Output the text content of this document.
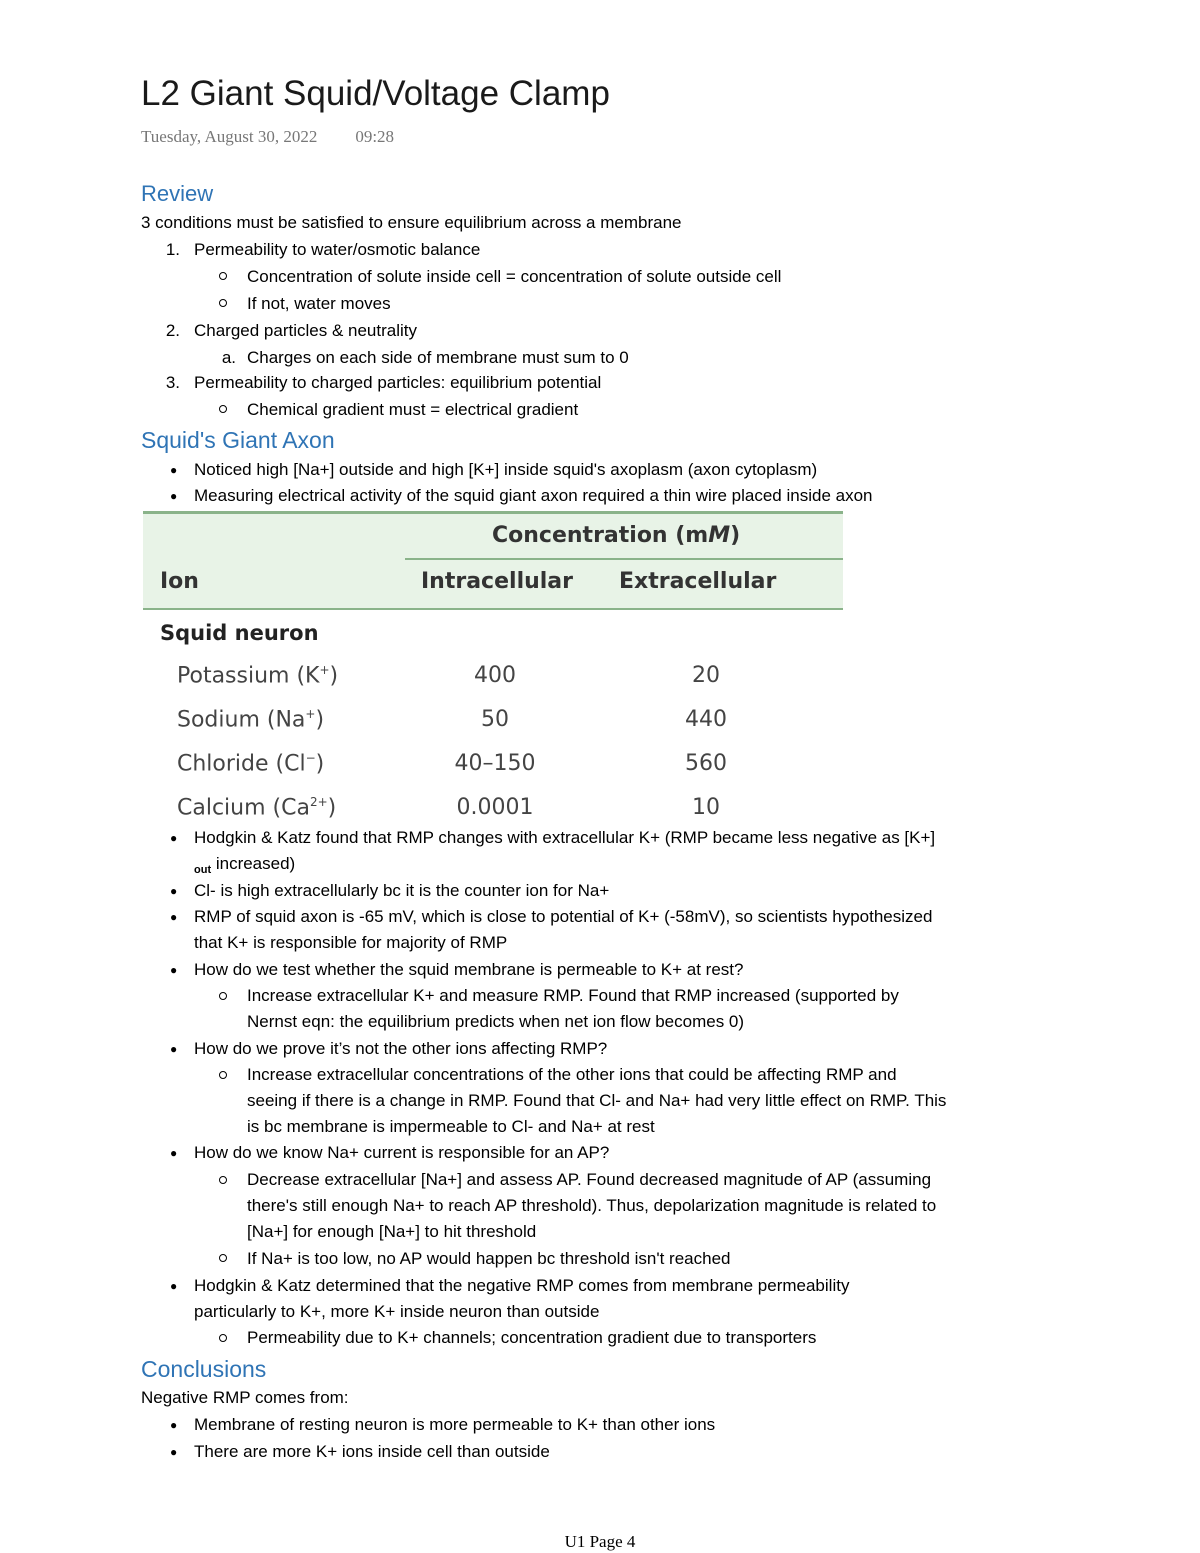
L2 Giant Squid/Voltage Clamp
Tuesday, August 30, 2022 09:28
Review
3 conditions must be satisfied to ensure equilibrium across a membrane
1. Permeability to water/osmotic balance
Concentration of solute inside cell = concentration of solute outside cell
If not, water moves
2. Charged particles & neutrality
a. Charges on each side of membrane must sum to 0
3. Permeability to charged particles: equilibrium potential
Chemical gradient must = electrical gradient
Squid's Giant Axon
● Noticed high [Na+] outside and high [K+] inside squid's axoplasm (axon cytoplasm)
● Measuring electrical activity of the squid giant axon required a thin wire placed inside axon
Concentration (mM)
Ion	Intracellular Extracellular
Squid neuron
Potassium (K+)	400	20
Sodium (Na+)	50	440
Chloride (Cl−)	40–150	560
Calcium $(Ca^{2+})$	0.0001	10
● Hodgkin & Katz found that RMP changes with extracellular K+ (RMP became less negative as [K+]
$_{out}$ increased)
● Cl- is high extracellularly bc it is the counter ion for Na+
● RMP of squid axon is -65 mV, which is close to potential of K+ (-58mV), so scientists hypothesized
that K+ is responsible for majority of RMP
● How do we test whether the squid membrane is permeable to K+ at rest?
Increase extracellular K+ and measure RMP. Found that RMP increased (supported by
Nernst eqn: the equilibrium predicts when net ion flow becomes 0)
● How do we prove it’s not the other ions affecting RMP?
Increase extracellular concentrations of the other ions that could be affecting RMP and
seeing if there is a change in RMP. Found that Cl- and Na+ had very little effect on RMP. This
is bc membrane is impermeable to Cl- and Na+ at rest
● How do we know Na+ current is responsible for an AP?
Decrease extracellular [Na+] and assess AP. Found decreased magnitude of AP (assuming
there's still enough Na+ to reach AP threshold). Thus, depolarization magnitude is related to
[Na+] for enough [Na+] to hit threshold
If Na+ is too low, no AP would happen bc threshold isn't reached
● Hodgkin & Katz determined that the negative RMP comes from membrane permeability
particularly to K+, more K+ inside neuron than outside
Permeability due to K+ channels; concentration gradient due to transporters
Conclusions
Negative RMP comes from:
● Membrane of resting neuron is more permeable to K+ than other ions
● There are more K+ ions inside cell than outside
U1 Page 4
